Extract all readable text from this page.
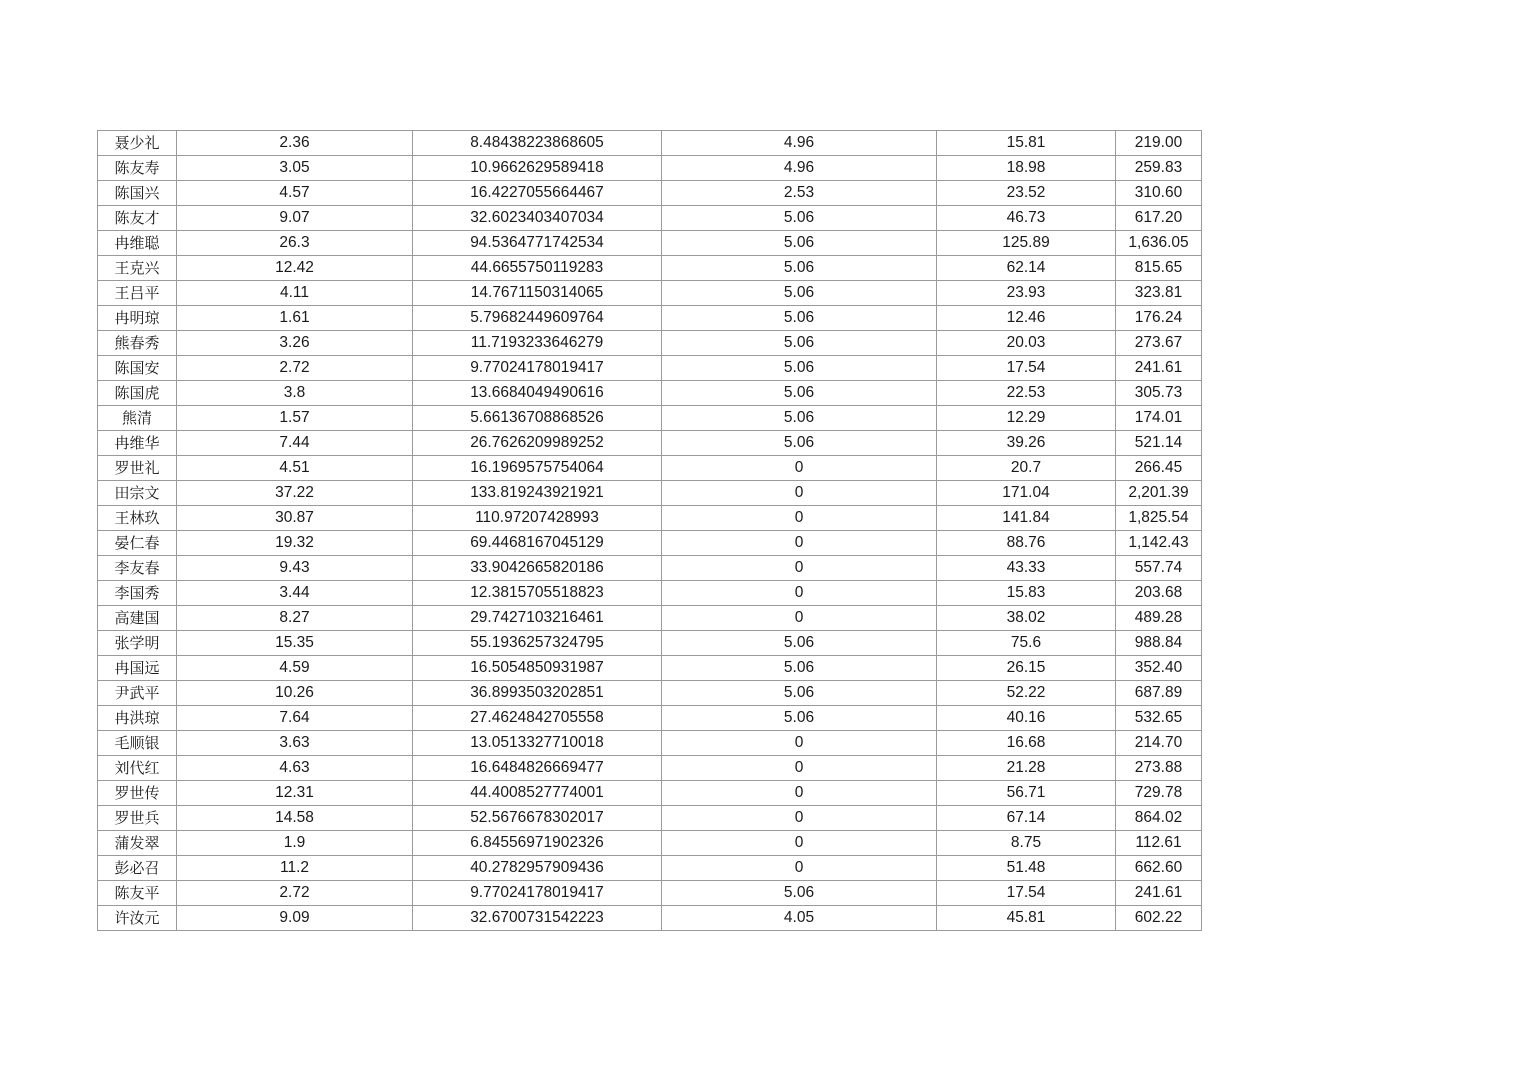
聂少礼	2.36	8.48438223868605	4.96	15.81	219.00
陈友寿	3.05	10.9662629589418	4.96	18.98	259.83
陈国兴	4.57	16.4227055664467	2.53	23.52	310.60
陈友才	9.07	32.6023403407034	5.06	46.73	617.20
冉维聪	26.3	94.5364771742534	5.06	125.89	1,636.05
王克兴	12.42	44.6655750119283	5.06	62.14	815.65
王吕平	4.11	14.7671150314065	5.06	23.93	323.81
冉明琼	1.61	5.79682449609764	5.06	12.46	176.24
熊春秀	3.26	11.7193233646279	5.06	20.03	273.67
陈国安	2.72	9.77024178019417	5.06	17.54	241.61
陈国虎	3.8	13.6684049490616	5.06	22.53	305.73
熊清	1.57	5.66136708868526	5.06	12.29	174.01
冉维华	7.44	26.7626209989252	5.06	39.26	521.14
罗世礼	4.51	16.1969575754064	0	20.7	266.45
田宗文	37.22	133.819243921921	0	171.04	2,201.39
王林玖	30.87	110.97207428993	0	141.84	1,825.54
晏仁春	19.32	69.4468167045129	0	88.76	1,142.43
李友春	9.43	33.9042665820186	0	43.33	557.74
李国秀	3.44	12.3815705518823	0	15.83	203.68
高建国	8.27	29.7427103216461	0	38.02	489.28
张学明	15.35	55.1936257324795	5.06	75.6	988.84
冉国远	4.59	16.5054850931987	5.06	26.15	352.40
尹武平	10.26	36.8993503202851	5.06	52.22	687.89
冉洪琼	7.64	27.4624842705558	5.06	40.16	532.65
毛顺银	3.63	13.0513327710018	0	16.68	214.70
刘代红	4.63	16.6484826669477	0	21.28	273.88
罗世传	12.31	44.4008527774001	0	56.71	729.78
罗世兵	14.58	52.5676678302017	0	67.14	864.02
蒲发翠	1.9	6.84556971902326	0	8.75	112.61
彭必召	11.2	40.2782957909436	0	51.48	662.60
陈友平	2.72	9.77024178019417	5.06	17.54	241.61
许汝元	9.09	32.6700731542223	4.05	45.81	602.22
